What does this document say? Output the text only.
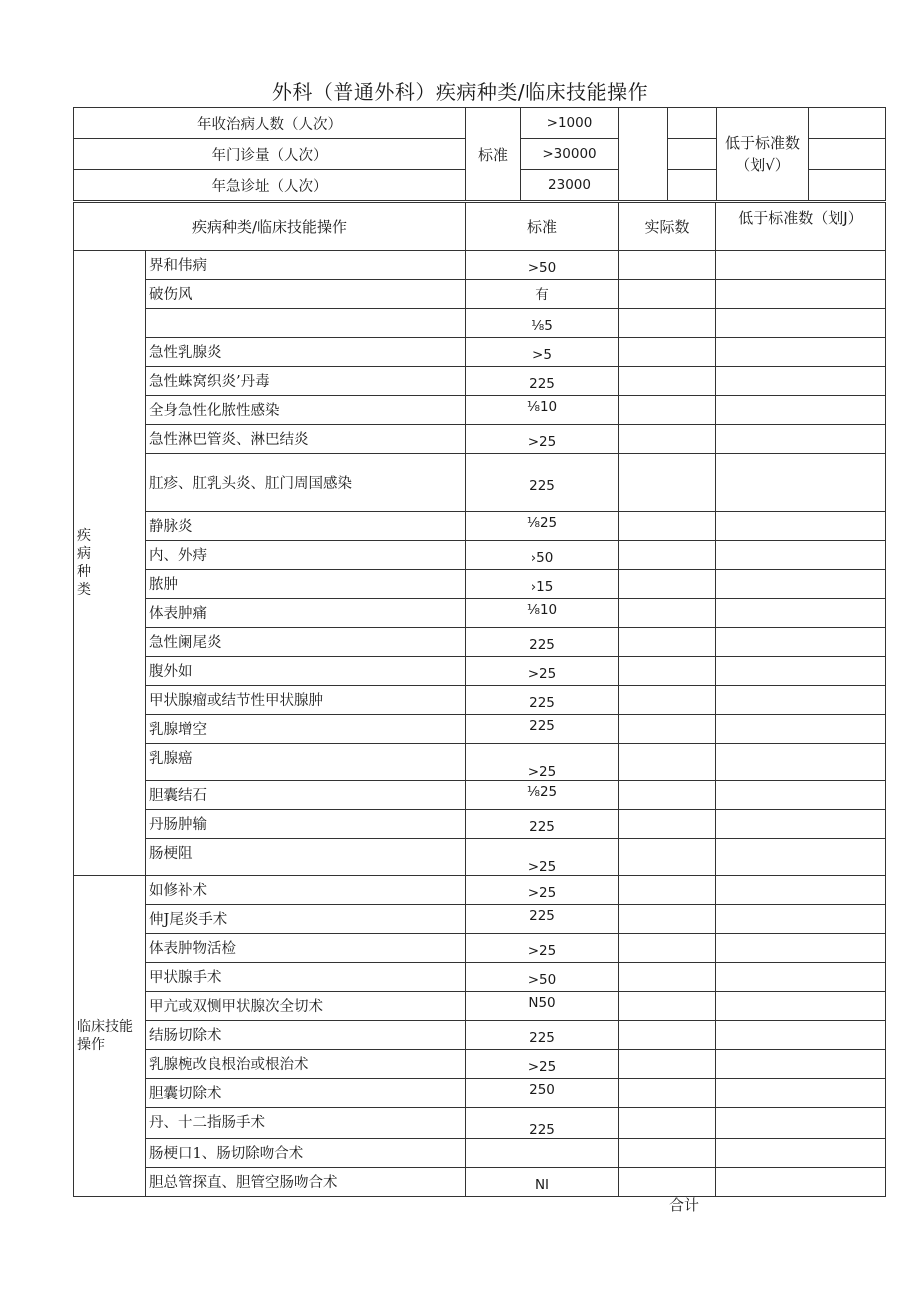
外科（普通外科）疾病种类/临床技能操作
年收治病人数（人次）	标准	>1000			低于标准数
（划√）	

年门诊量（人次）		>30000				
年急诊址（人次）		23000				
疾病种类/临床技能操作		标准	实际数	低于标准数（划J）

疾病种类	界和伟病	>50		
	破伤风	有		
		⅛5		
	急性乳腺炎	>5		
	急性蛛窝织炎’丹毒	225		
	全身急性化脓性感染	⅛10		
	急性淋巴管炎、淋巴结炎	>25		
	肛疹、肛乳头炎、肛门周国感染	225		
	静脉炎	⅛25		
	内、外痔	›50		
	脓肿	›15		
	体表肿痛	⅛10		
	急性阑尾炎	225		
	腹外如	>25		
	甲状腺瘤或结节性甲状腺肿	225		
	乳腺增空	225		
	乳腺癌	>25		
	胆囊结石	⅛25		
	丹肠肿输	225		
	肠梗阻	>25		

临床技能操作	如修补术	>25		
	伸J尾炎手术	225		
	体表肿物活检	>25		
	甲状腺手术	>50		
	甲亢或双恻甲状腺次全切术	N50		
	结肠切除术	225		
	乳腺椀改良根治或根治术	>25		
	胆囊切除术	250		
	丹、十二指肠手术	225		
	肠梗口1、肠切除吻合术			
	胆总管探直、胆管空肠吻合术	NI		
合计
